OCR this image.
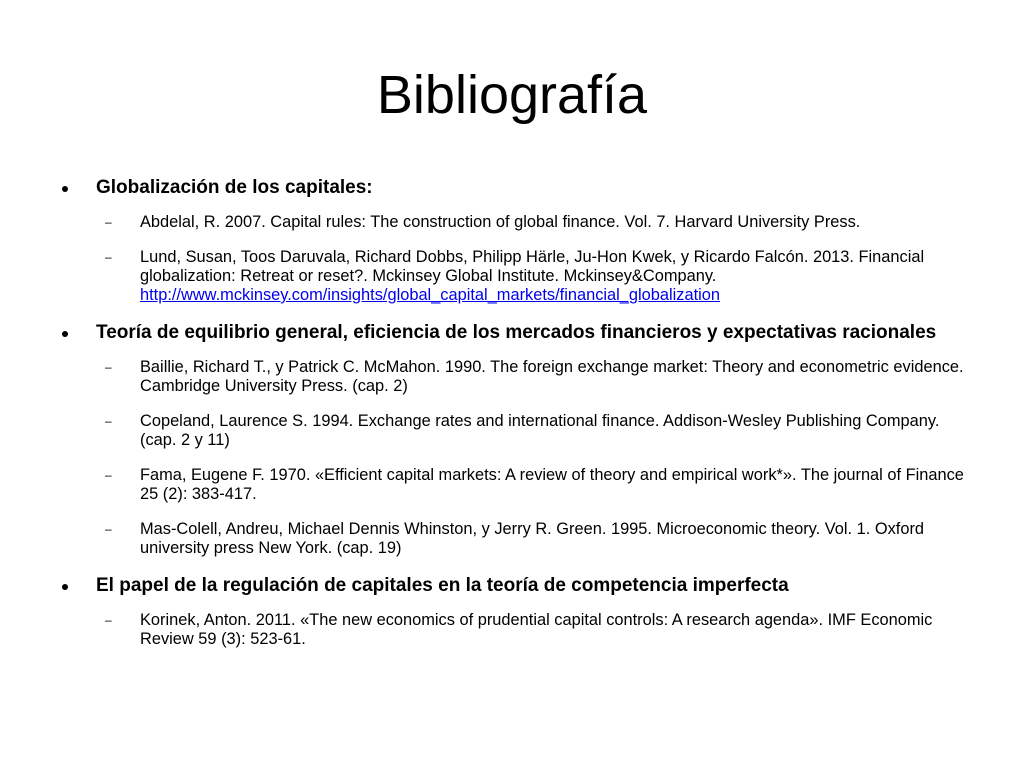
Bibliografía
Globalización de los capitales:
– Abdelal, R. 2007. Capital rules: The construction of global finance. Vol. 7. Harvard University Press.
– Lund, Susan, Toos Daruvala, Richard Dobbs, Philipp Härle, Ju-Hon Kwek, y Ricardo Falcón. 2013. Financial globalization: Retreat or reset?. Mckinsey Global Institute. Mckinsey&Company.
http://www.mckinsey.com/insights/global_capital_markets/financial_globalization
Teoría de equilibrio general, eficiencia de los mercados financieros y expectativas racionales
– Baillie, Richard T., y Patrick C. McMahon. 1990. The foreign exchange market: Theory and econometric evidence. Cambridge University Press. (cap. 2)
– Copeland, Laurence S. 1994. Exchange rates and international finance. Addison-Wesley Publishing Company. (cap. 2 y 11)
– Fama, Eugene F. 1970. «Efficient capital markets: A review of theory and empirical work*». The journal of Finance 25 (2): 383-417.
– Mas-Colell, Andreu, Michael Dennis Whinston, y Jerry R. Green. 1995. Microeconomic theory. Vol. 1. Oxford university press New York. (cap. 19)
El papel de la regulación de capitales en la teoría de competencia imperfecta
– Korinek, Anton. 2011. «The new economics of prudential capital controls: A research agenda». IMF Economic Review 59 (3): 523-61.
